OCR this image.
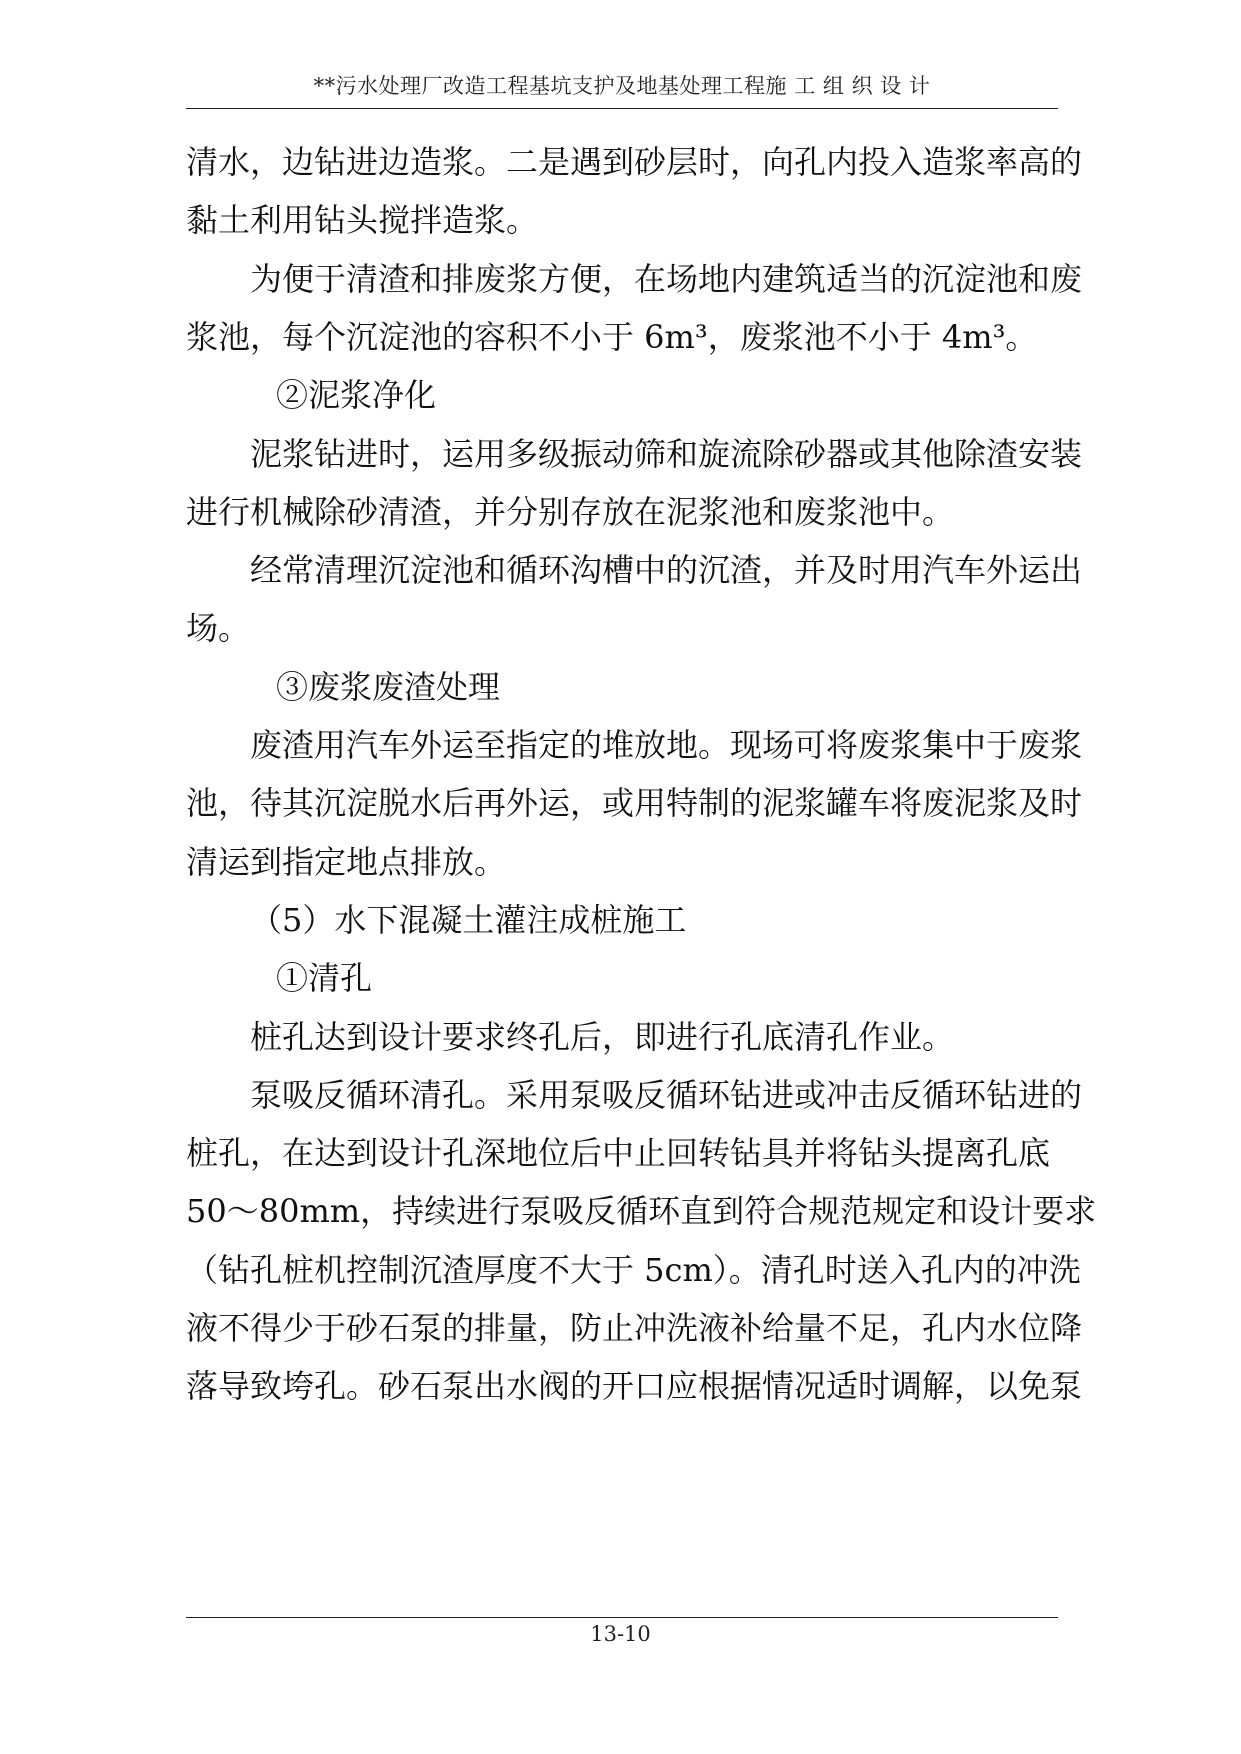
**污水处理厂改造工程基坑支护及地基处理工程施 工 组 织 设 计
清水，边钻进边造浆。二是遇到砂层时，向孔内投入造浆率高的
黏土利用钻头搅拌造浆。
为便于清渣和排废浆方便，在场地内建筑适当的沉淀池和废
浆池，每个沉淀池的容积不小于 6m³，废浆池不小于 4m³。
②泥浆净化
泥浆钻进时，运用多级振动筛和旋流除砂器或其他除渣安装
进行机械除砂清渣，并分别存放在泥浆池和废浆池中。
经常清理沉淀池和循环沟槽中的沉渣，并及时用汽车外运出
场。
③废浆废渣处理
废渣用汽车外运至指定的堆放地。现场可将废浆集中于废浆
池，待其沉淀脱水后再外运，或用特制的泥浆罐车将废泥浆及时
清运到指定地点排放。
（5）水下混凝土灌注成桩施工
①清孔
桩孔达到设计要求终孔后，即进行孔底清孔作业。
泵吸反循环清孔。采用泵吸反循环钻进或冲击反循环钻进的
桩孔，在达到设计孔深地位后中止回转钻具并将钻头提离孔底
50～80mm，持续进行泵吸反循环直到符合规范规定和设计要求
（钻孔桩机控制沉渣厚度不大于 5cm）。清孔时送入孔内的冲洗
液不得少于砂石泵的排量，防止冲洗液补给量不足，孔内水位降
落导致垮孔。砂石泵出水阀的开口应根据情况适时调解，以免泵
13-10
